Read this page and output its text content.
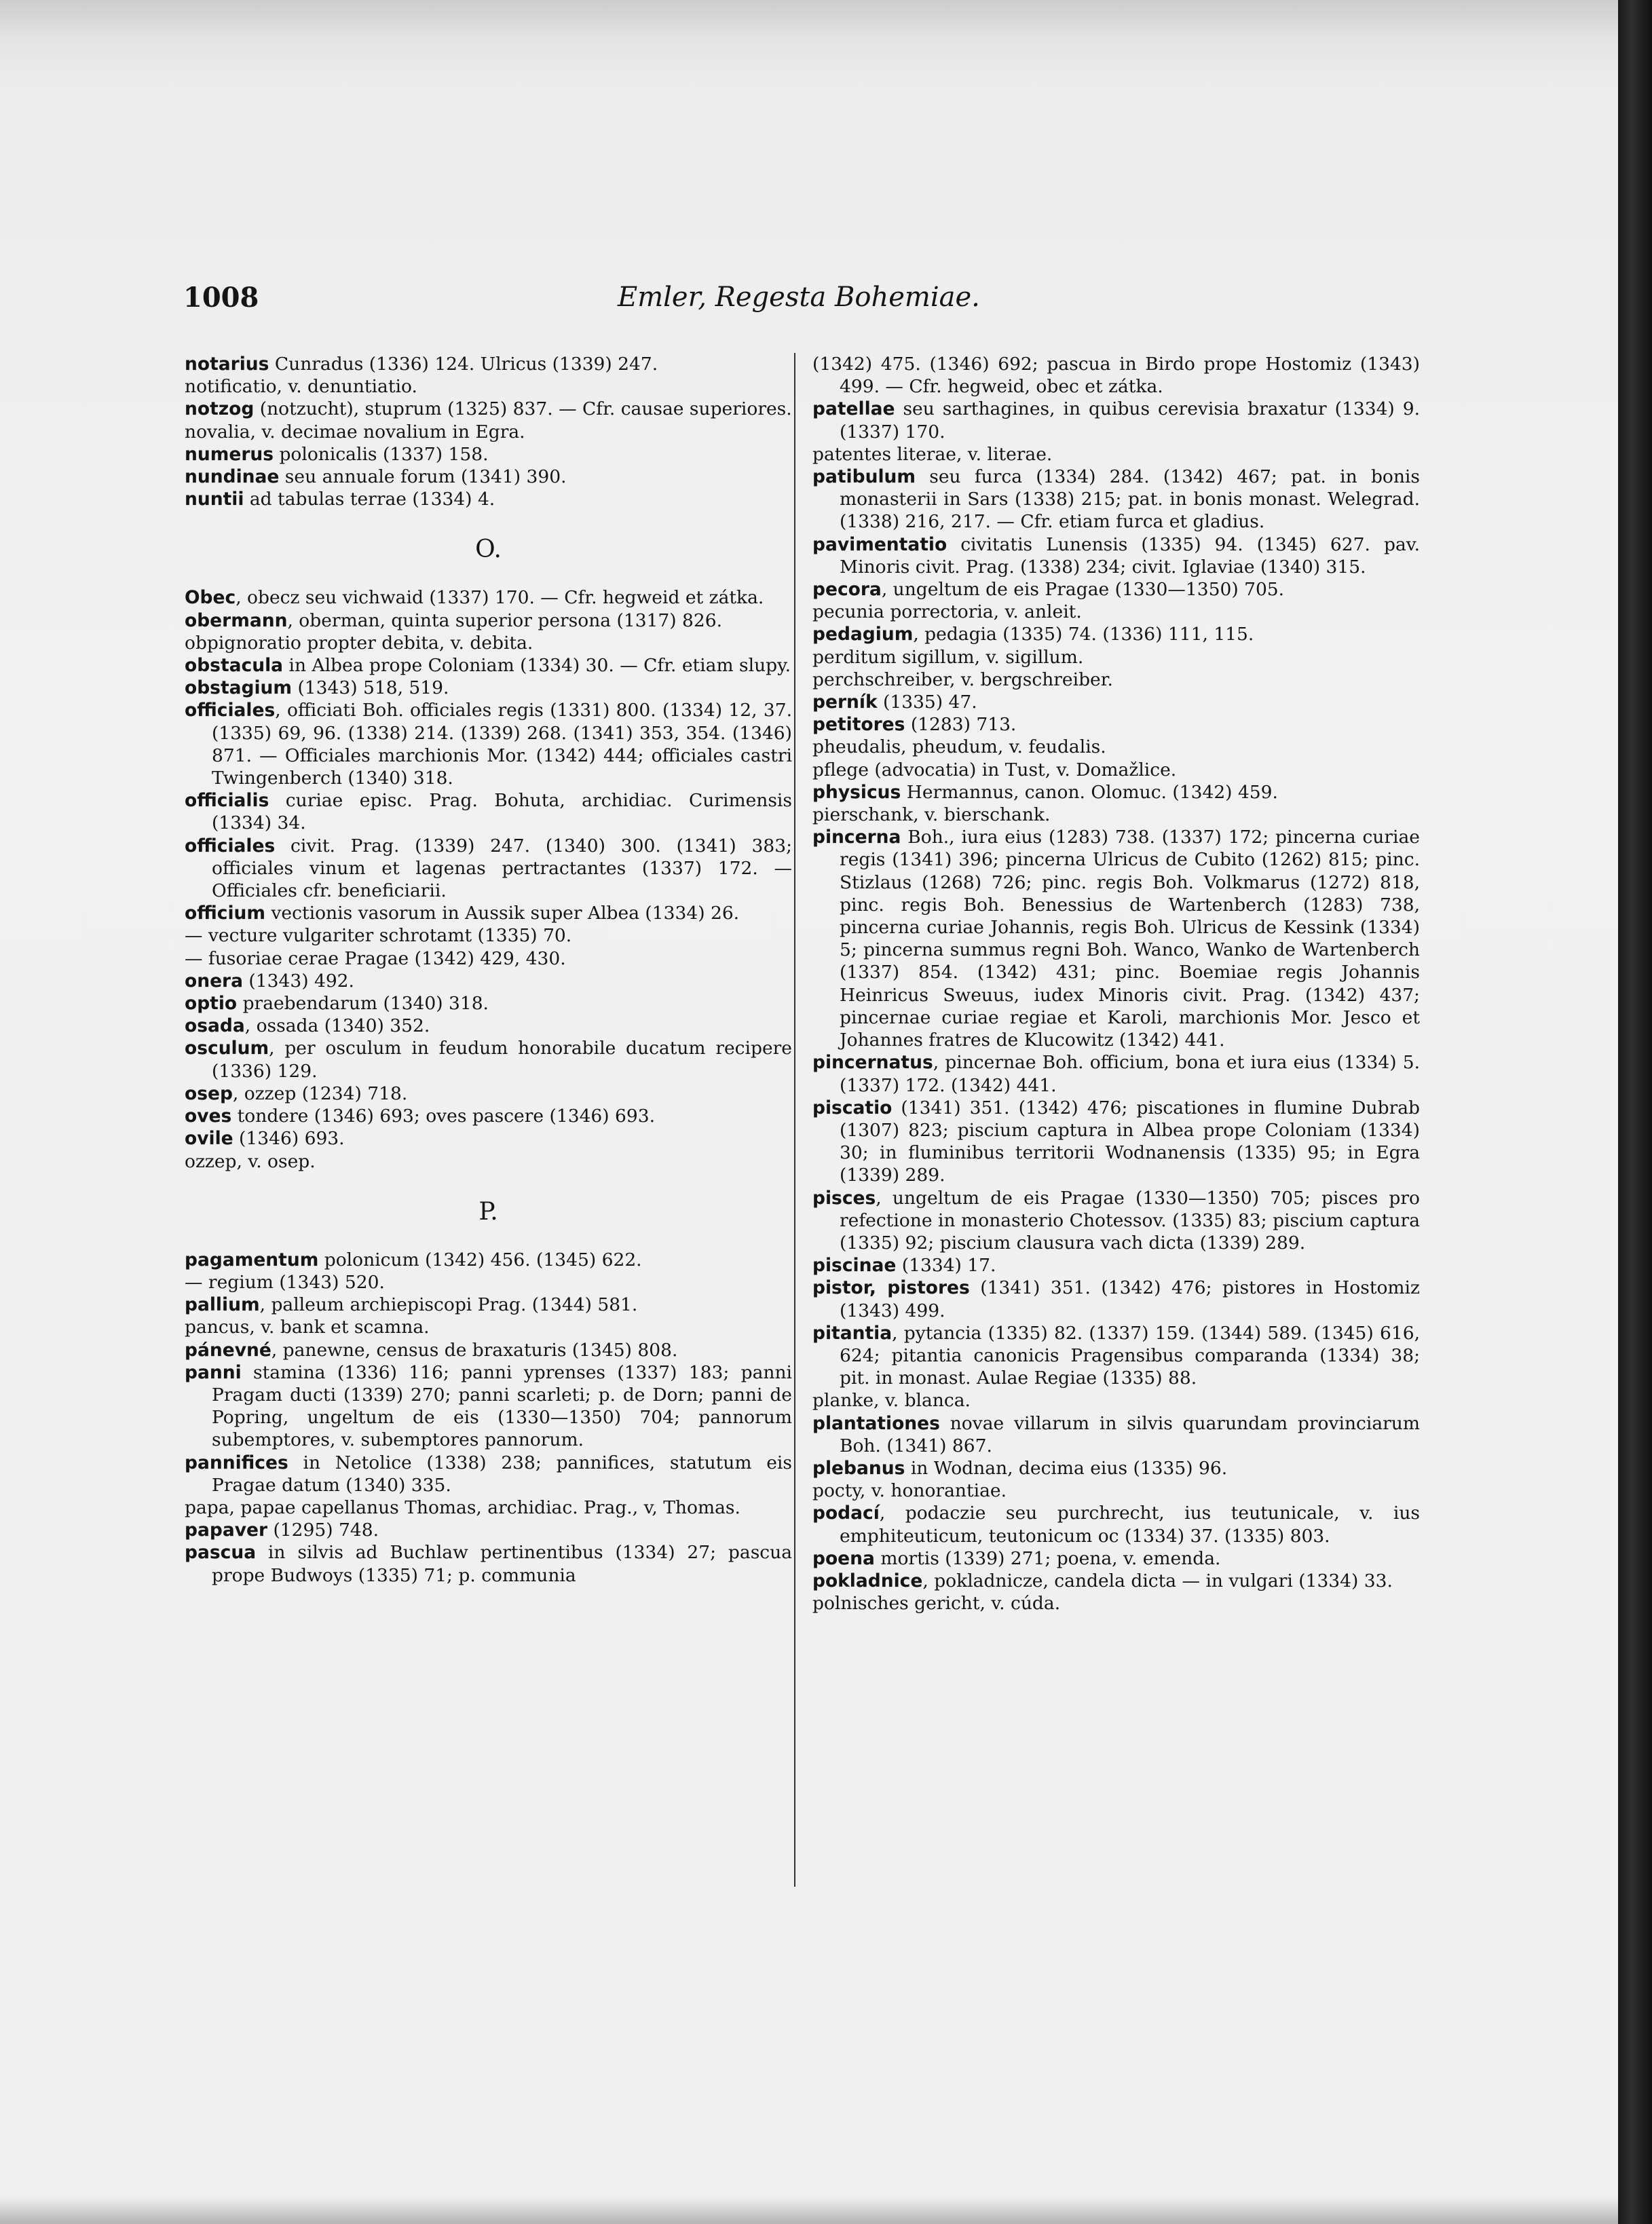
1008	Emler, Regesta Bohemiae.
notarius Cunradus (1336) 124. Ulricus (1339) 247.
notificatio, v. denuntiatio.
notzog (notzucht), stuprum (1325) 837. — Cfr. causae superiores.
novalia, v. decimae novalium in Egra.
numerus polonicalis (1337) 158.
nundinae seu annuale forum (1341) 390.
nuntii ad tabulas terrae (1334) 4.
O.
Obec, obecz seu vichwaid (1337) 170. — Cfr. hegweid et zátka.
obermann, oberman, quinta superior persona (1317) 826.
obpignoratio propter debita, v. debita.
obstacula in Albea prope Coloniam (1334) 30. — Cfr. etiam slupy.
obstagium (1343) 518, 519.
officiales, officiati Boh. officiales regis (1331) 800. (1334) 12, 37. (1335) 69, 96. (1338) 214. (1339) 268. (1341) 353, 354. (1346) 871. — Officiales marchionis Mor. (1342) 444; officiales castri Twingenberch (1340) 318.
officialis curiae episc. Prag. Bohuta, archidiac. Curimensis (1334) 34.
officiales civit. Prag. (1339) 247. (1340) 300. (1341) 383; officiales vinum et lagenas pertractantes (1337) 172. — Officiales cfr. beneficiarii.
officium vectionis vasorum in Aussik super Albea (1334) 26.
— vecture vulgariter schrotamt (1335) 70.
— fusoriae cerae Pragae (1342) 429, 430.
onera (1343) 492.
optio praebendarum (1340) 318.
osada, ossada (1340) 352.
osculum, per osculum in feudum honorabile ducatum recipere (1336) 129.
osep, ozzep (1234) 718.
oves tondere (1346) 693; oves pascere (1346) 693.
ovile (1346) 693.
ozzep, v. osep.
P.
pagamentum polonicum (1342) 456. (1345) 622.
— regium (1343) 520.
pallium, palleum archiepiscopi Prag. (1344) 581.
pancus, v. bank et scamna.
pánevné, panewne, census de braxaturis (1345) 808.
panni stamina (1336) 116; panni yprenses (1337) 183; panni Pragam ducti (1339) 270; panni scarleti; p. de Dorn; panni de Popring, ungeltum de eis (1330—1350) 704; pannorum subemptores, v. subemptores pannorum.
pannifices in Netolice (1338) 238; pannifices, statutum eis Pragae datum (1340) 335.
papa, papae capellanus Thomas, archidiac. Prag., v, Thomas.
papaver (1295) 748.
pascua in silvis ad Buchlaw pertinentibus (1334) 27; pascua prope Budwoys (1335) 71; p. communia
(1342) 475. (1346) 692; pascua in Birdo prope Hostomiz (1343) 499. — Cfr. hegweid, obec et zátka.
patellae seu sarthagines, in quibus cerevisia braxatur (1334) 9. (1337) 170.
patentes literae, v. literae.
patibulum seu furca (1334) 284. (1342) 467; pat. in bonis monasterii in Sars (1338) 215; pat. in bonis monast. Welegrad. (1338) 216, 217. — Cfr. etiam furca et gladius.
pavimentatio civitatis Lunensis (1335) 94. (1345) 627. pav. Minoris civit. Prag. (1338) 234; civit. Iglaviae (1340) 315.
pecora, ungeltum de eis Pragae (1330—1350) 705.
pecunia porrectoria, v. anleit.
pedagium, pedagia (1335) 74. (1336) 111, 115.
perditum sigillum, v. sigillum.
perchschreiber, v. bergschreiber.
perník (1335) 47.
petitores (1283) 713.
pheudalis, pheudum, v. feudalis.
pflege (advocatia) in Tust, v. Domažlice.
physicus Hermannus, canon. Olomuc. (1342) 459.
pierschank, v. bierschank.
pincerna Boh., iura eius (1283) 738. (1337) 172; pincerna curiae regis (1341) 396; pincerna Ulricus de Cubito (1262) 815; pinc. Stizlaus (1268) 726; pinc. regis Boh. Volkmarus (1272) 818, pinc. regis Boh. Benessius de Wartenberch (1283) 738, pincerna curiae Johannis, regis Boh. Ulricus de Kessink (1334) 5; pincerna summus regni Boh. Wanco, Wanko de Wartenberch (1337) 854. (1342) 431; pinc. Boemiae regis Johannis Heinricus Sweuus, iudex Minoris civit. Prag. (1342) 437; pincernae curiae regiae et Karoli, marchionis Mor. Jesco et Johannes fratres de Klucowitz (1342) 441.
pincernatus, pincernae Boh. officium, bona et iura eius (1334) 5. (1337) 172. (1342) 441.
piscatio (1341) 351. (1342) 476; piscationes in flumine Dubrab (1307) 823; piscium captura in Albea prope Coloniam (1334) 30; in fluminibus territorii Wodnanensis (1335) 95; in Egra (1339) 289.
pisces, ungeltum de eis Pragae (1330—1350) 705; pisces pro refectione in monasterio Chotessov. (1335) 83; piscium captura (1335) 92; piscium clausura vach dicta (1339) 289.
piscinae (1334) 17.
pistor, pistores (1341) 351. (1342) 476; pistores in Hostomiz (1343) 499.
pitantia, pytancia (1335) 82. (1337) 159. (1344) 589. (1345) 616, 624; pitantia canonicis Pragensibus comparanda (1334) 38; pit. in monast. Aulae Regiae (1335) 88.
planke, v. blanca.
plantationes novae villarum in silvis quarundam provinciarum Boh. (1341) 867.
plebanus in Wodnan, decima eius (1335) 96.
pocty, v. honorantiae.
podací, podaczie seu purchrecht, ius teutunicale, v. ius emphiteuticum, teutonicum oc (1334) 37. (1335) 803.
poena mortis (1339) 271; poena, v. emenda.
pokladnice, pokladnicze, candela dicta — in vulgari (1334) 33.
polnisches gericht, v. cúda.
